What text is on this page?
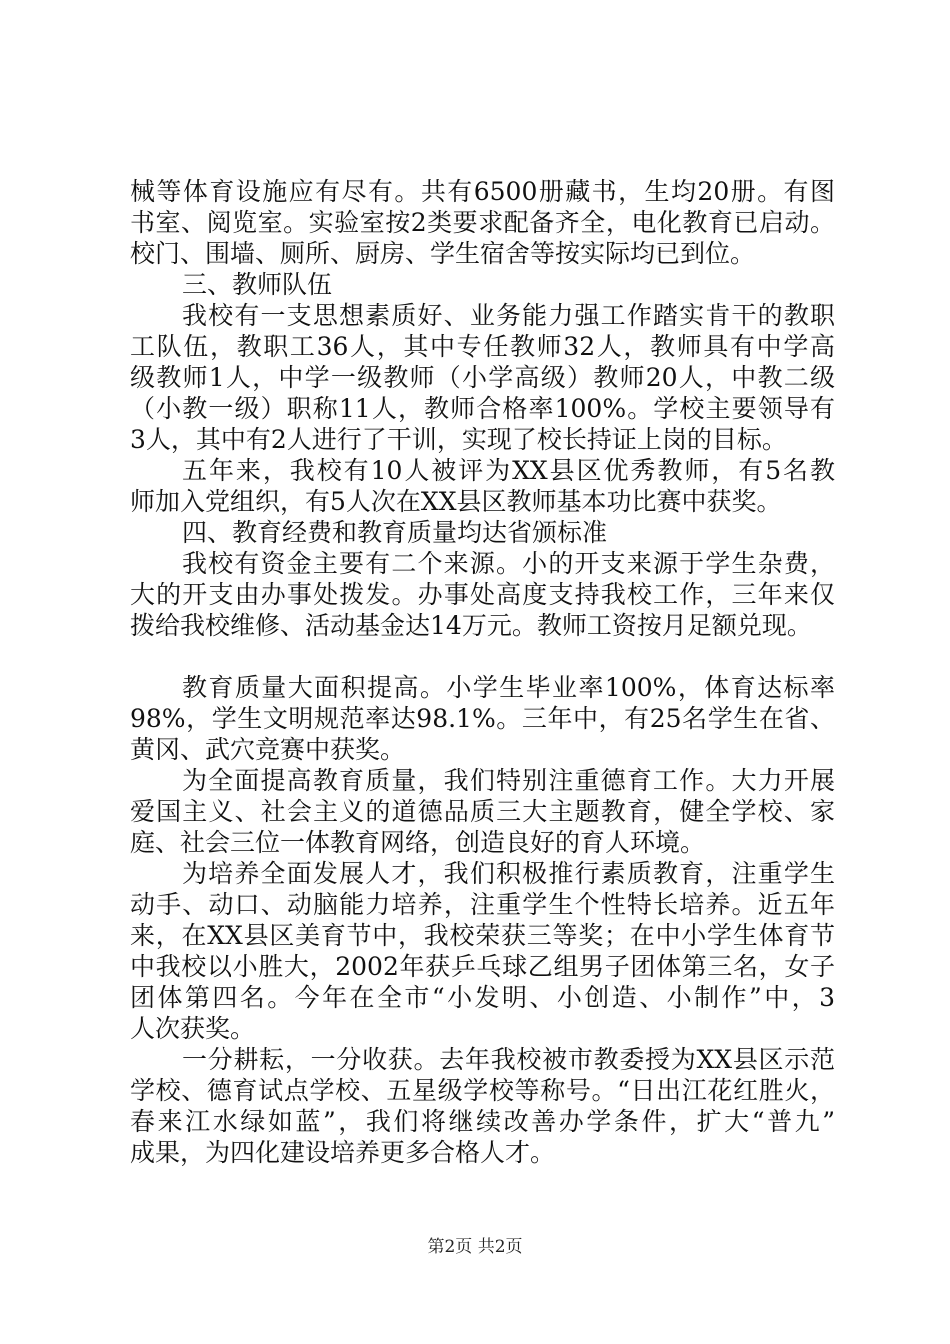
械等体育设施应有尽有。共有6500册藏书，生均20册。有图
书室、阅览室。实验室按2类要求配备齐全，电化教育已启动。
校门、围墙、厕所、厨房、学生宿舍等按实际均已到位。
三、教师队伍
我校有一支思想素质好、业务能力强工作踏实肯干的教职
工队伍，教职工36人，其中专任教师32人，教师具有中学高
级教师1人，中学一级教师（小学高级）教师20人，中教二级
（小教一级）职称11人，教师合格率100%。学校主要领导有
3人，其中有2人进行了干训，实现了校长持证上岗的目标。
五年来，我校有10人被评为XX县区优秀教师，有5名教
师加入党组织，有5人次在XX县区教师基本功比赛中获奖。
四、教育经费和教育质量均达省颁标准
我校有资金主要有二个来源。小的开支来源于学生杂费，
大的开支由办事处拨发。办事处高度支持我校工作，三年来仅
拨给我校维修、活动基金达14万元。教师工资按月足额兑现。
教育质量大面积提高。小学生毕业率100%，体育达标率
98%，学生文明规范率达98.1%。三年中，有25名学生在省、
黄冈、武穴竞赛中获奖。
为全面提高教育质量，我们特别注重德育工作。大力开展
爱国主义、社会主义的道德品质三大主题教育，健全学校、家
庭、社会三位一体教育网络，创造良好的育人环境。
为培养全面发展人才，我们积极推行素质教育，注重学生
动手、动口、动脑能力培养，注重学生个性特长培养。近五年
来，在XX县区美育节中，我校荣获三等奖；在中小学生体育节
中我校以小胜大，2002年获乒乓球乙组男子团体第三名，女子
团体第四名。今年在全市“小发明、小创造、小制作”中，3
人次获奖。
一分耕耘，一分收获。去年我校被市教委授为XX县区示范
学校、德育试点学校、五星级学校等称号。“日出江花红胜火，
春来江水绿如蓝”，我们将继续改善办学条件，扩大“普九”
成果，为四化建设培养更多合格人才。
第2页 共2页
